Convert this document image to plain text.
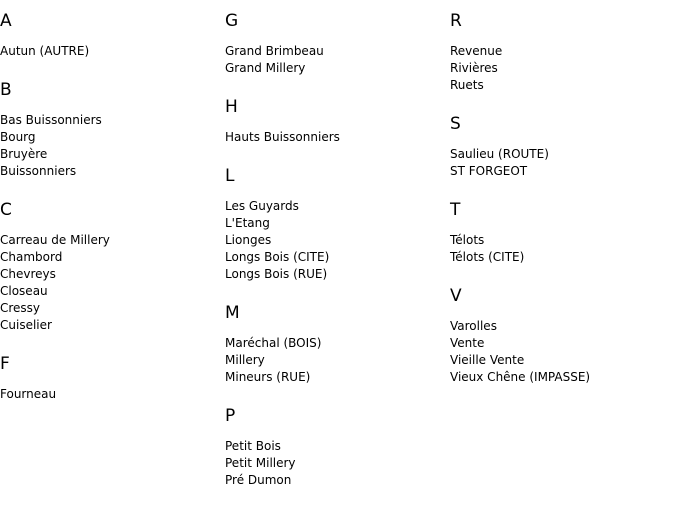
A
Autun (AUTRE)
B
Bas Buissonniers
Bourg
Bruyère
Buissonniers
C
Carreau de Millery
Chambord
Chevreys
Closeau
Cressy
Cuiselier
F
Fourneau
G
Grand Brimbeau
Grand Millery
H
Hauts Buissonniers
L
Les Guyards
L'Etang
Lionges
Longs Bois (CITE)
Longs Bois (RUE)
M
Maréchal (BOIS)
Millery
Mineurs (RUE)
P
Petit Bois
Petit Millery
Pré Dumon
R
Revenue
Rivières
Ruets
S
Saulieu (ROUTE)
ST FORGEOT
T
Télots
Télots (CITE)
V
Varolles
Vente
Vieille Vente
Vieux Chêne (IMPASSE)
